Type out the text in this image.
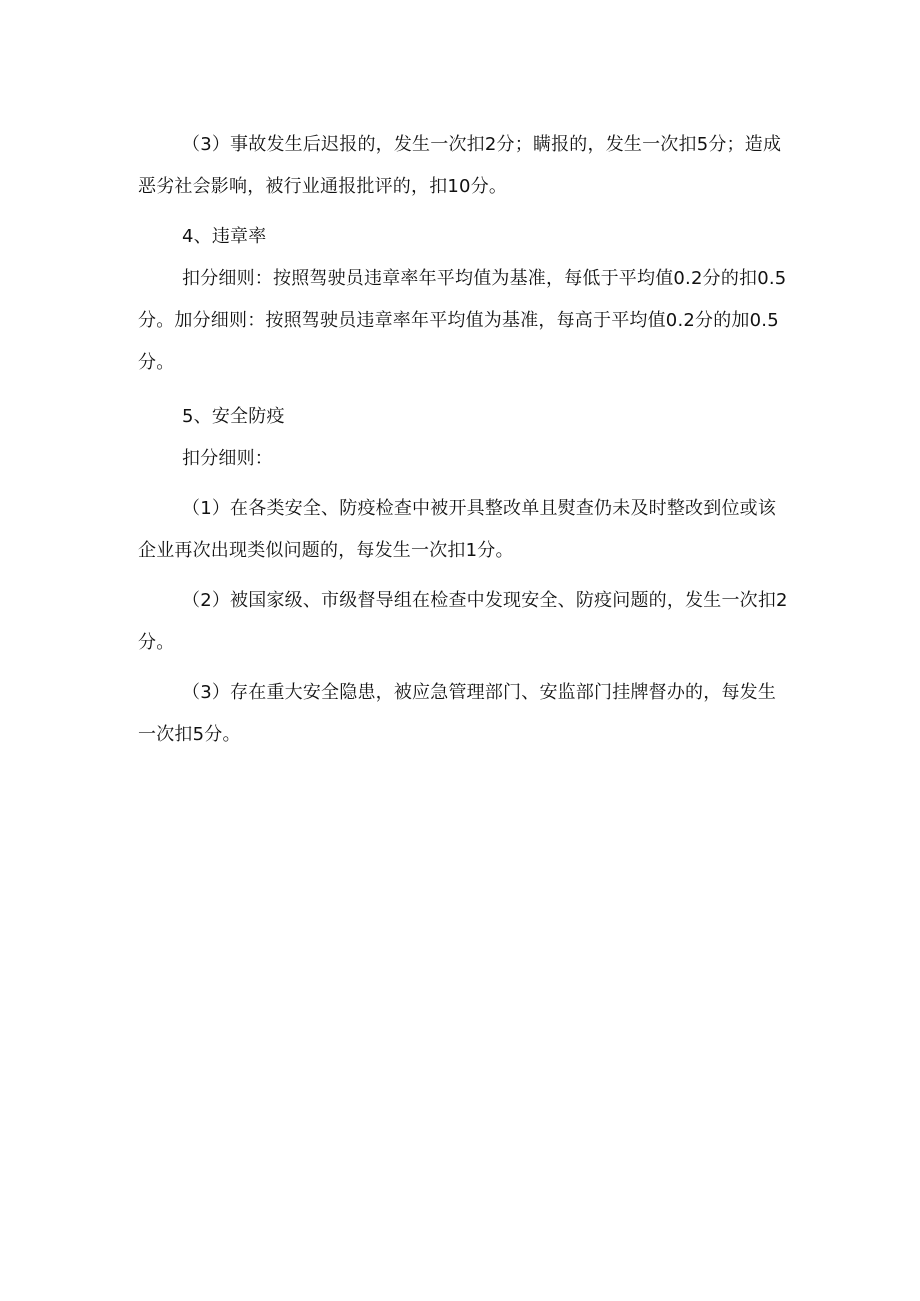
（3）事故发生后迟报的，发生一次扣2分；瞒报的，发生一次扣5分；造成恶劣社会影响，被行业通报批评的，扣10分。

4、违章率

扣分细则：按照驾驶员违章率年平均值为基准，每低于平均值0.2分的扣0.5分。加分细则：按照驾驶员违章率年平均值为基准，每高于平均值0.2分的加0.5分。

5、安全防疫

扣分细则：

（1）在各类安全、防疫检查中被开具整改单且熨查仍未及时整改到位或该企业再次出现类似问题的，每发生一次扣1分。

（2）被国家级、市级督导组在检查中发现安全、防疫问题的，发生一次扣2分。

（3）存在重大安全隐患，被应急管理部门、安监部门挂牌督办的，每发生一次扣5分。
